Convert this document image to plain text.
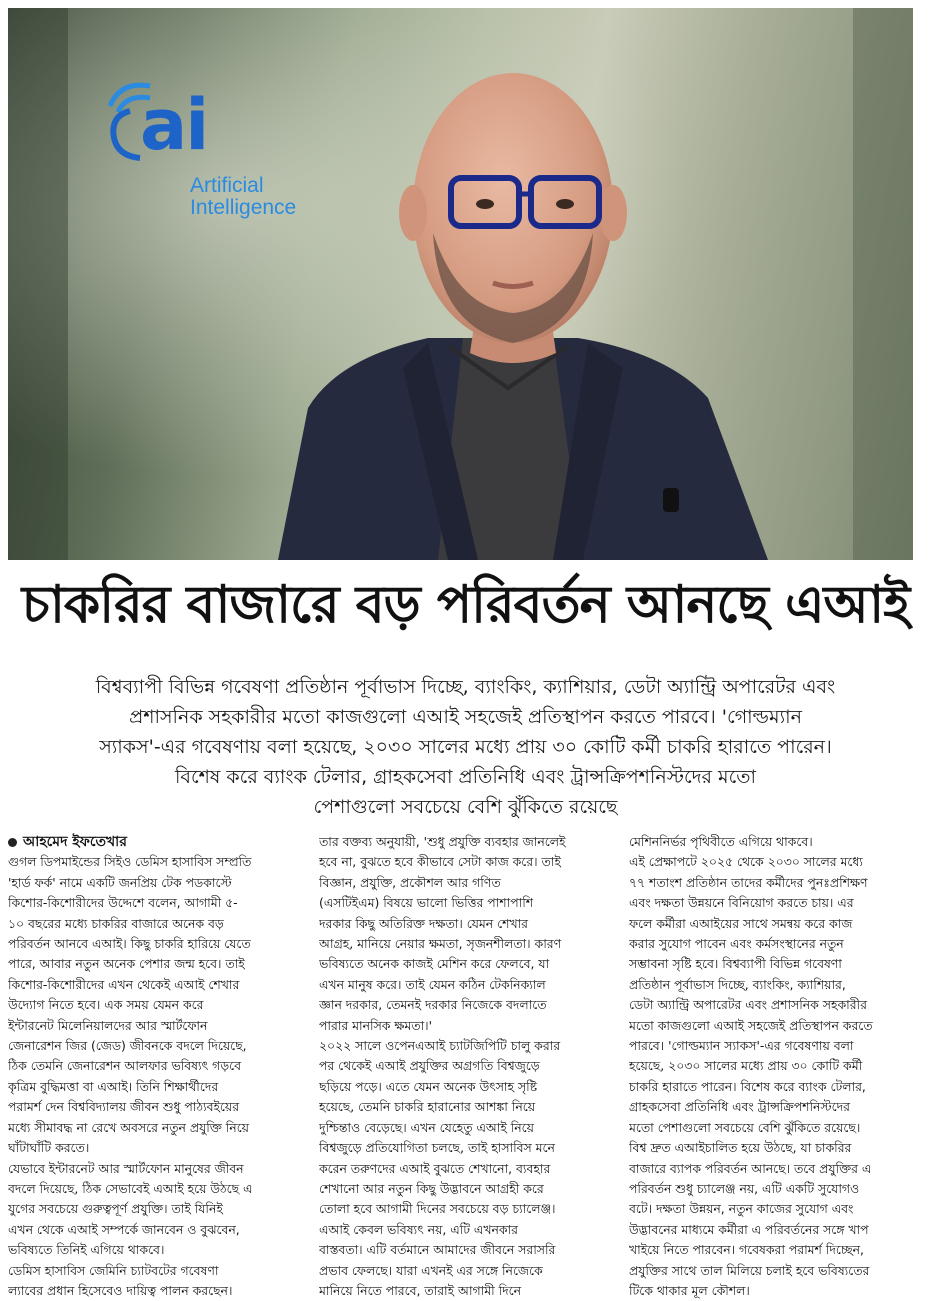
ai
Artificial
Intelligence
চাকরির বাজারে বড় পরিবর্তন আনছে এআই
বিশ্বব্যাপী বিভিন্ন গবেষণা প্রতিষ্ঠান পূর্বাভাস দিচ্ছে, ব্যাংকিং, ক্যাশিয়ার, ডেটা অ্যান্ট্রি অপারেটর এবং
প্রশাসনিক সহকারীর মতো কাজগুলো এআই সহজেই প্রতিস্থাপন করতে পারবে। 'গোল্ডম্যান
স্যাকস'-এর গবেষণায় বলা হয়েছে, ২০৩০ সালের মধ্যে প্রায় ৩০ কোটি কর্মী চাকরি হারাতে পারেন।
বিশেষ করে ব্যাংক টেলার, গ্রাহকসেবা প্রতিনিধি এবং ট্রান্সক্রিপশনিস্টদের মতো
পেশাগুলো সবচেয়ে বেশি ঝুঁকিতে রয়েছে
আহমেদ ইফতেখার
গুগল ডিপমাইন্ডের সিইও ডেমিস হাসাবিস সম্প্রতি
'হার্ড ফর্ক' নামে একটি জনপ্রিয় টেক পডকাস্টে
কিশোর-কিশোরীদের উদ্দেশে বলেন, আগামী ৫-
১০ বছরের মধ্যে চাকরির বাজারে অনেক বড়
পরিবর্তন আনবে এআই। কিছু চাকরি হারিয়ে যেতে
পারে, আবার নতুন অনেক পেশার জন্ম হবে। তাই
কিশোর-কিশোরীদের এখন থেকেই এআই শেখার
উদ্যোগ নিতে হবে। এক সময় যেমন করে
ইন্টারনেট মিলেনিয়ালদের আর স্মার্টফোন
জেনারেশন জির (জেড) জীবনকে বদলে দিয়েছে,
ঠিক তেমনি জেনারেশন আলফার ভবিষ্যৎ গড়বে
কৃত্রিম বুদ্ধিমত্তা বা এআই। তিনি শিক্ষার্থীদের
পরামর্শ দেন বিশ্ববিদ্যালয় জীবন শুধু পাঠ্যবইয়ের
মধ্যে সীমাবদ্ধ না রেখে অবসরে নতুন প্রযুক্তি নিয়ে
ঘাঁটাঘাঁটি করতে।
যেভাবে ইন্টারনেট আর স্মার্টফোন মানুষের জীবন
বদলে দিয়েছে, ঠিক সেভাবেই এআই হয়ে উঠছে এ
যুগের সবচেয়ে গুরুত্বপূর্ণ প্রযুক্তি। তাই যিনিই
এখন থেকে এআই সম্পর্কে জানবেন ও বুঝবেন,
ভবিষ্যতে তিনিই এগিয়ে থাকবে।
ডেমিস হাসাবিস জেমিনি চ্যাটবটের গবেষণা
ল্যাবের প্রধান হিসেবেও দায়িত্ব পালন করছেন।
তার বক্তব্য অনুযায়ী, 'শুধু প্রযুক্তি ব্যবহার জানলেই
হবে না, বুঝতে হবে কীভাবে সেটা কাজ করে। তাই
বিজ্ঞান, প্রযুক্তি, প্রকৌশল আর গণিত
(এসটিইএম) বিষয়ে ভালো ভিত্তির পাশাপাশি
দরকার কিছু অতিরিক্ত দক্ষতা। যেমন শেখার
আগ্রহ, মানিয়ে নেয়ার ক্ষমতা, সৃজনশীলতা। কারণ
ভবিষ্যতে অনেক কাজই মেশিন করে ফেলবে, যা
এখন মানুষ করে। তাই যেমন কঠিন টেকনিক্যাল
জ্ঞান দরকার, তেমনই দরকার নিজেকে বদলাতে
পারার মানসিক ক্ষমতা।'
২০২২ সালে ওপেনএআই চ্যাটজিপিটি চালু করার
পর থেকেই এআই প্রযুক্তির অগ্রগতি বিশ্বজুড়ে
ছড়িয়ে পড়ে। এতে যেমন অনেক উৎসাহ সৃষ্টি
হয়েছে, তেমনি চাকরি হারানোর আশঙ্কা নিয়ে
দুশ্চিন্তাও বেড়েছে। এখন যেহেতু এআই নিয়ে
বিশ্বজুড়ে প্রতিযোগিতা চলছে, তাই হাসাবিস মনে
করেন তরুণদের এআই বুঝতে শেখানো, ব্যবহার
শেখানো আর নতুন কিছু উদ্ভাবনে আগ্রহী করে
তোলা হবে আগামী দিনের সবচেয়ে বড় চ্যালেঞ্জ।
এআই কেবল ভবিষ্যৎ নয়, এটি এখনকার
বাস্তবতা। এটি বর্তমানে আমাদের জীবনে সরাসরি
প্রভাব ফেলছে। যারা এখনই এর সঙ্গে নিজেকে
মানিয়ে নিতে পারবে, তারাই আগামী দিনে
মেশিননির্ভর পৃথিবীতে এগিয়ে থাকবে।
এই প্রেক্ষাপটে ২০২৫ থেকে ২০৩০ সালের মধ্যে
৭৭ শতাংশ প্রতিষ্ঠান তাদের কর্মীদের পুনঃপ্রশিক্ষণ
এবং দক্ষতা উন্নয়নে বিনিয়োগ করতে চায়। এর
ফলে কর্মীরা এআইয়ের সাথে সমন্বয় করে কাজ
করার সুযোগ পাবেন এবং কর্মসংস্থানের নতুন
সম্ভাবনা সৃষ্টি হবে। বিশ্বব্যাপী বিভিন্ন গবেষণা
প্রতিষ্ঠান পূর্বাভাস দিচ্ছে, ব্যাংকিং, ক্যাশিয়ার,
ডেটা অ্যান্ট্রি অপারেটর এবং প্রশাসনিক সহকারীর
মতো কাজগুলো এআই সহজেই প্রতিস্থাপন করতে
পারবে। 'গোল্ডম্যান স্যাকস'-এর গবেষণায় বলা
হয়েছে, ২০৩০ সালের মধ্যে প্রায় ৩০ কোটি কর্মী
চাকরি হারাতে পারেন। বিশেষ করে ব্যাংক টেলার,
গ্রাহকসেবা প্রতিনিধি এবং ট্রান্সক্রিপশনিস্টদের
মতো পেশাগুলো সবচেয়ে বেশি ঝুঁকিতে রয়েছে।
বিশ্ব দ্রুত এআইচালিত হয়ে উঠছে, যা চাকরির
বাজারে ব্যাপক পরিবর্তন আনছে। তবে প্রযুক্তির এ
পরিবর্তন শুধু চ্যালেঞ্জ নয়, এটি একটি সুযোগও
বটে। দক্ষতা উন্নয়ন, নতুন কাজের সুযোগ এবং
উদ্ভাবনের মাধ্যমে কর্মীরা এ পরিবর্তনের সঙ্গে খাপ
খাইয়ে নিতে পারবেন। গবেষকরা পরামর্শ দিচ্ছেন,
প্রযুক্তির সাথে তাল মিলিয়ে চলাই হবে ভবিষ্যতের
টিকে থাকার মূল কৌশল।
